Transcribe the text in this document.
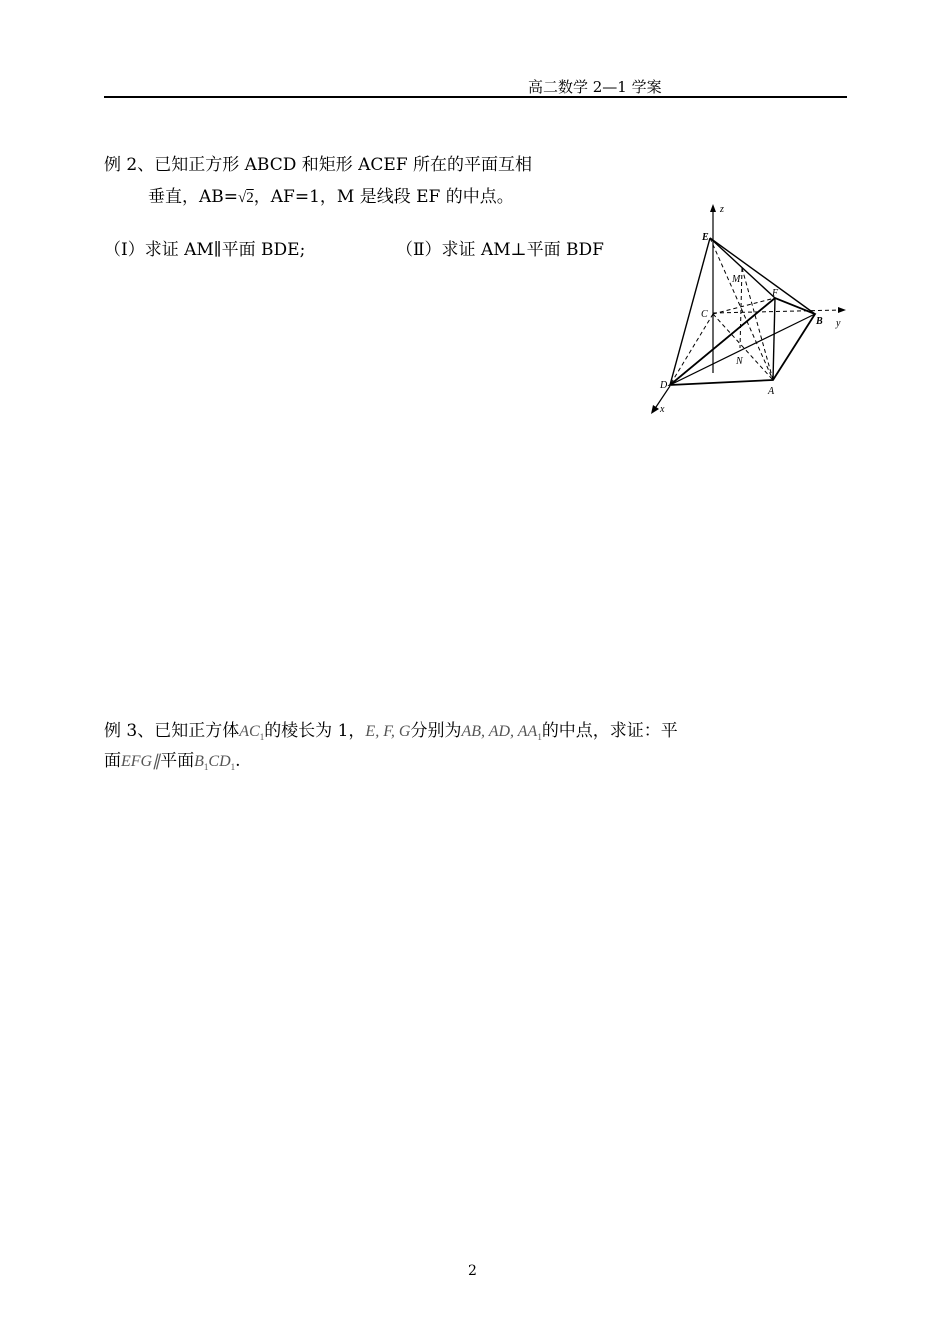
高二数学 2—1 学案
例 2、已知正方形 ABCD 和矩形 ACEF 所在的平面互相
垂直，AB=√2，AF=1，M 是线段 EF 的中点。
（Ⅰ）求证 AM∥平面 BDE;	（Ⅱ）求证 AM⊥平面 BDF
z
y
x
E
M
F
C
B
N
D
A
例 3、已知正方体$AC_1$的棱长为 1，E, F, G分别为AB, AD, $AA_1$的中点，求证：平
面EFG∥平面$B_1CD_1$.
2
